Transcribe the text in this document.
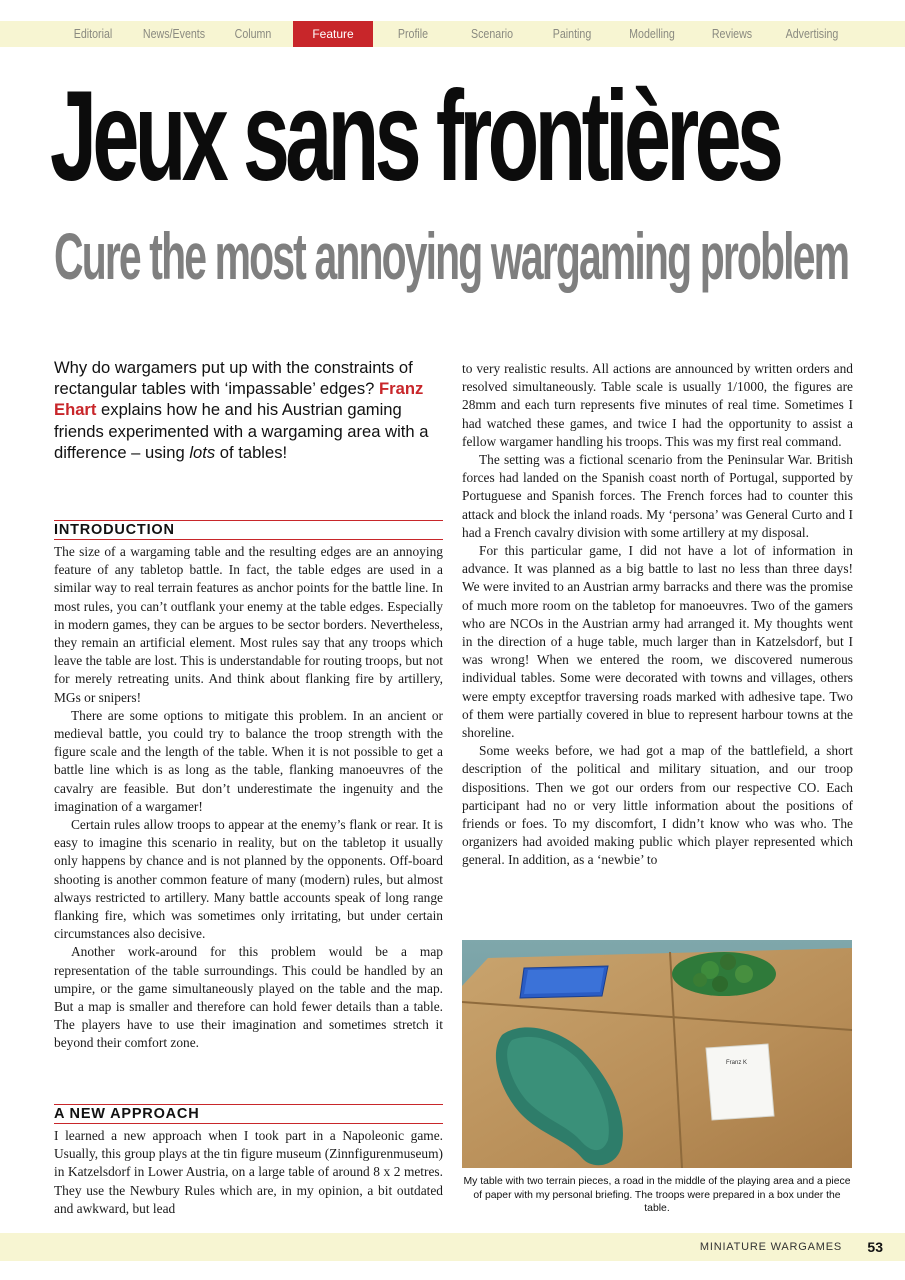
Editorial	News/Events	Column	Feature	Profile	Scenario	Painting	Modelling	Reviews	Advertising
Jeux sans frontières
Cure the most annoying wargaming problem
Why do wargamers put up with the constraints of rectangular tables with ‘impassable’ edges? Franz Ehart explains how he and his Austrian gaming friends experimented with a wargaming area with a difference – using lots of tables!
INTRODUCTION

The size of a wargaming table and the resulting edges are an annoying feature of any tabletop battle. In fact, the table edges are used in a similar way to real terrain features as anchor points for the battle line. In most rules, you can’t outflank your enemy at the table edges. Especially in modern games, they can be argues to be sector borders. Nevertheless, they remain an artificial element. Most rules say that any troops which leave the table are lost. This is understandable for routing troops, but not for merely retreating units. And think about flanking fire by artillery, MGs or snipers!

There are some options to mitigate this problem. In an ancient or medieval battle, you could try to balance the troop strength with the figure scale and the length of the table. When it is not possible to get a battle line which is as long as the table, flanking manoeuvres of the cavalry are feasible. But don’t underestimate the ingenuity and the imagination of a wargamer!

Certain rules allow troops to appear at the enemy’s flank or rear. It is easy to imagine this scenario in reality, but on the tabletop it usually only happens by chance and is not planned by the opponents. Off-board shooting is another common feature of many (modern) rules, but almost always restricted to artillery. Many battle accounts speak of long range flanking fire, which was sometimes only irritating, but under certain circumstances also decisive.

Another work-around for this problem would be a map representation of the table surroundings. This could be handled by an umpire, or the game simultaneously played on the table and the map. But a map is smaller and therefore can hold fewer details than a table. The players have to use their imagination and sometimes stretch it beyond their comfort zone.

A NEW APPROACH

I learned a new approach when I took part in a Napoleonic game. Usually, this group plays at the tin figure museum (Zinnfigurenmuseum) in Katzelsdorf in Lower Austria, on a large table of around 8 x 2 metres. They use the Newbury Rules which are, in my opinion, a bit outdated and awkward, but lead

to very realistic results. All actions are announced by written orders and resolved simultaneously. Table scale is usually 1/1000, the figures are 28mm and each turn represents five minutes of real time. Sometimes I had watched these games, and twice I had the opportunity to assist a fellow wargamer handling his troops. This was my first real command.

The setting was a fictional scenario from the Peninsular War. British forces had landed on the Spanish coast north of Portugal, supported by Portuguese and Spanish forces. The French forces had to counter this attack and block the inland roads. My ‘persona’ was General Curto and I had a French cavalry division with some artillery at my disposal.

For this particular game, I did not have a lot of information in advance. It was planned as a big battle to last no less than three days! We were invited to an Austrian army barracks and there was the promise of much more room on the tabletop for manoeuvres. Two of the gamers who are NCOs in the Austrian army had arranged it. My thoughts went in the direction of a huge table, much larger than in Katzelsdorf, but I was wrong! When we entered the room, we discovered numerous individual tables. Some were decorated with towns and villages, others were empty exceptfor traversing roads marked with adhesive tape. Two of them were partially covered in blue to represent harbour towns at the shoreline.

Some weeks before, we had got a map of the battlefield, a short description of the political and military situation, and our troop dispositions. Then we got our orders from our respective CO. Each participant had no or very little information about the positions of friends or foes. To my discomfort, I didn’t know who was who. The organizers had avoided making public which player represented which general. In addition, as a ‘newbie’ to

Franz K
My table with two terrain pieces, a road in the middle of the playing area and a piece of paper with my personal briefing. The troops were prepared in a box under the table.
MINIATURE WARGAMES 53
